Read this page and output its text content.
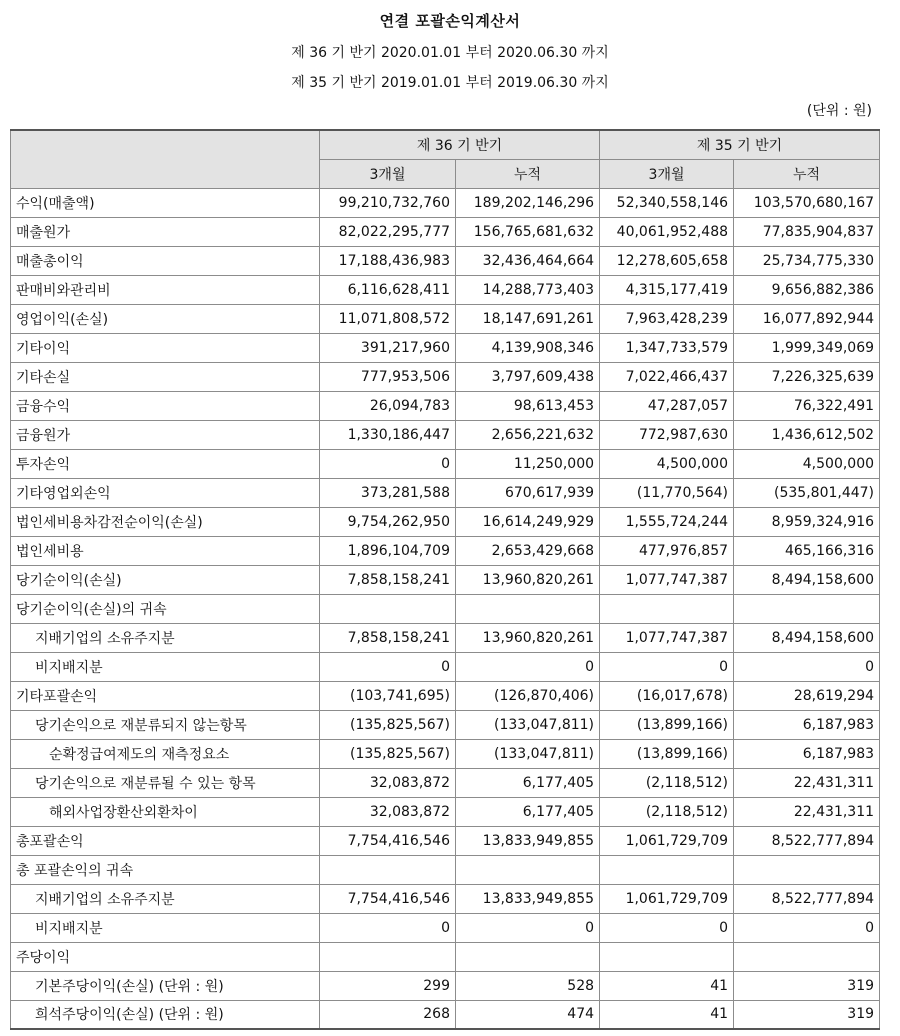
연결 포괄손익계산서
제 36 기 반기 2020.01.01 부터 2020.06.30 까지
제 35 기 반기 2019.01.01 부터 2019.06.30 까지
(단위 : 원)
	제 36 기 반기		제 35 기 반기	
	3개월	누적	3개월	누적
수익(매출액)	99,210,732,760	189,202,146,296	52,340,558,146	103,570,680,167
매출원가	82,022,295,777	156,765,681,632	40,061,952,488	77,835,904,837
매출총이익	17,188,436,983	32,436,464,664	12,278,605,658	25,734,775,330
판매비와관리비	6,116,628,411	14,288,773,403	4,315,177,419	9,656,882,386
영업이익(손실)	11,071,808,572	18,147,691,261	7,963,428,239	16,077,892,944
기타이익	391,217,960	4,139,908,346	1,347,733,579	1,999,349,069
기타손실	777,953,506	3,797,609,438	7,022,466,437	7,226,325,639
금융수익	26,094,783	98,613,453	47,287,057	76,322,491
금융원가	1,330,186,447	2,656,221,632	772,987,630	1,436,612,502
투자손익	0	11,250,000	4,500,000	4,500,000
기타영업외손익	373,281,588	670,617,939	(11,770,564)	(535,801,447)
법인세비용차감전순이익(손실)	9,754,262,950	16,614,249,929	1,555,724,244	8,959,324,916
법인세비용	1,896,104,709	2,653,429,668	477,976,857	465,166,316
당기순이익(손실)	7,858,158,241	13,960,820,261	1,077,747,387	8,494,158,600
당기순이익(손실)의 귀속				
지배기업의 소유주지분	7,858,158,241	13,960,820,261	1,077,747,387	8,494,158,600
비지배지분	0	0	0	0
기타포괄손익	(103,741,695)	(126,870,406)	(16,017,678)	28,619,294
당기손익으로 재분류되지 않는항목	(135,825,567)	(133,047,811)	(13,899,166)	6,187,983
순확정급여제도의 재측정요소	(135,825,567)	(133,047,811)	(13,899,166)	6,187,983
당기손익으로 재분류될 수 있는 항목	32,083,872	6,177,405	(2,118,512)	22,431,311
해외사업장환산외환차이	32,083,872	6,177,405	(2,118,512)	22,431,311
총포괄손익	7,754,416,546	13,833,949,855	1,061,729,709	8,522,777,894
총 포괄손익의 귀속				
지배기업의 소유주지분	7,754,416,546	13,833,949,855	1,061,729,709	8,522,777,894
비지배지분	0	0	0	0
주당이익				
기본주당이익(손실) (단위 : 원)	299	528	41	319
희석주당이익(손실) (단위 : 원)	268	474	41	319
